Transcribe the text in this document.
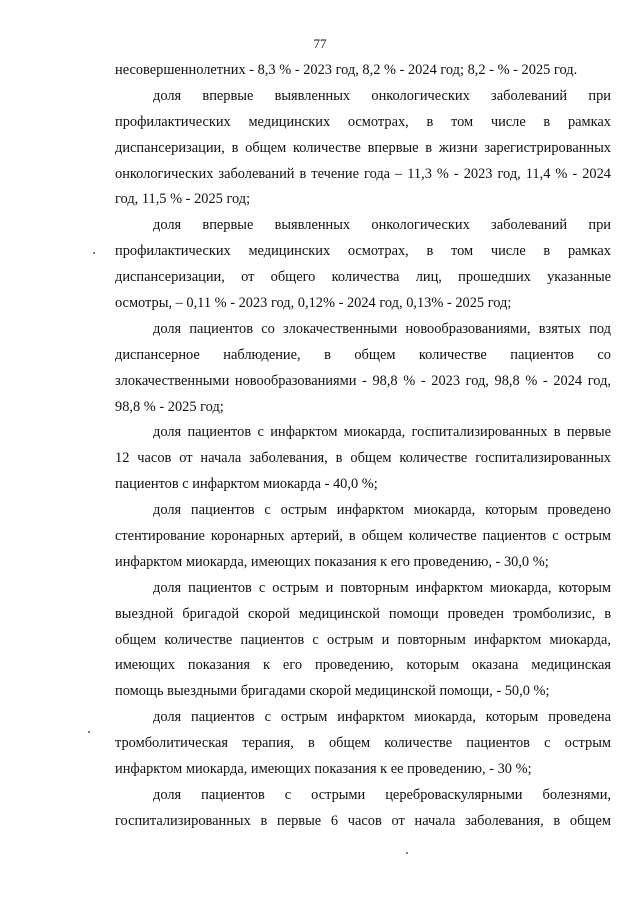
77
несовершеннолетних - 8,3 % - 2023 год, 8,2 % - 2024 год; 8,2 - % - 2025 год.
доля впервые выявленных онкологических заболеваний при
профилактических медицинских осмотрах, в том числе в рамках
диспансеризации, в общем количестве впервые в жизни зарегистрированных
онкологических заболеваний в течение года – 11,3 % - 2023 год, 11,4 % - 2024
год, 11,5 % - 2025 год;
доля впервые выявленных онкологических заболеваний при
профилактических медицинских осмотрах, в том числе в рамках
диспансеризации, от общего количества лиц, прошедших указанные
осмотры, – 0,11 % - 2023 год, 0,12% - 2024 год, 0,13% - 2025 год;
доля пациентов со злокачественными новообразованиями, взятых под
диспансерное наблюдение, в общем количестве пациентов со
злокачественными новообразованиями - 98,8 % - 2023 год, 98,8 % - 2024 год,
98,8 % - 2025 год;
доля пациентов с инфарктом миокарда, госпитализированных в первые
12 часов от начала заболевания, в общем количестве госпитализированных
пациентов с инфарктом миокарда - 40,0 %;
доля пациентов с острым инфарктом миокарда, которым проведено
стентирование коронарных артерий, в общем количестве пациентов с острым
инфарктом миокарда, имеющих показания к его проведению, - 30,0 %;
доля пациентов с острым и повторным инфарктом миокарда, которым
выездной бригадой скорой медицинской помощи проведен тромболизис, в
общем количестве пациентов с острым и повторным инфарктом миокарда,
имеющих показания к его проведению, которым оказана медицинская
помощь выездными бригадами скорой медицинской помощи, - 50,0 %;
доля пациентов с острым инфарктом миокарда, которым проведена
тромболитическая терапия, в общем количестве пациентов с острым
инфарктом миокарда, имеющих показания к ее проведению, - 30 %;
доля пациентов с острыми цереброваскулярными болезнями,
госпитализированных в первые 6 часов от начала заболевания, в общем
